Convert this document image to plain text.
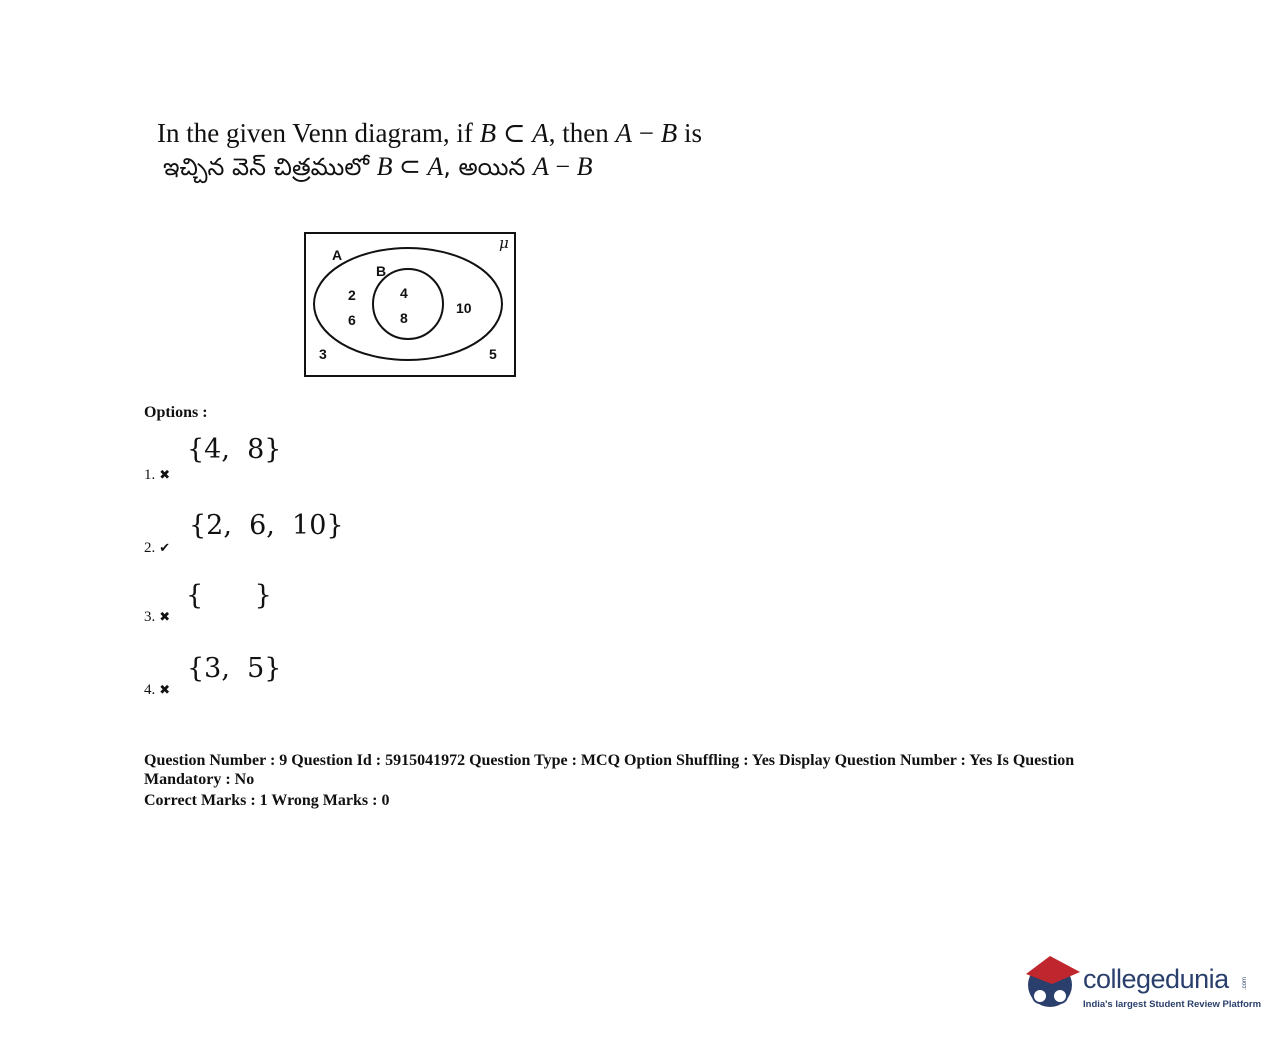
In the given Venn diagram, if B ⊂ A, then A − B is
ఇచ్చిన వెన్ చిత్రములో B ⊂ A, అయిన A − B
μ
A
B
2
6
10
4
8
3	5
Options :
1. ✖
{4,  8}
2. ✔
{2,  6,  10}
3. ✖
{      }
4. ✖
{3,  5}
Question Number : 9 Question Id : 5915041972 Question Type : MCQ Option Shuffling : Yes Display Question Number : Yes Is Question Mandatory : No
Correct Marks : 1 Wrong Marks : 0
.com
collegedunia
India's largest Student Review Platform
